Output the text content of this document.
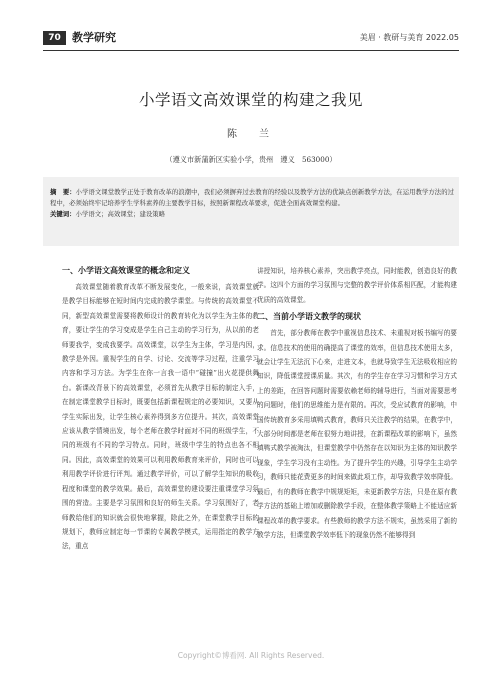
70	教学研究	美眉 · 教研与美育 2022.05
小学语文高效课堂的构建之我见
陈　兰
（遵义市新蒲新区实验小学，贵州　遵义　563000）
摘　要：小学语文课堂教学正处于教育改革的浪潮中，我们必须摒弃过去教育的经验以及教学方法的优缺点创新教学方法，在运用教学方法的过程中，必须始终牢记培养学生学科素养的主要教学目标，按照新课程改革要求，促进全面高效课堂构建。
关键词：小学语文；高效课堂；建设策略
一、小学语文高效课堂的概念和定义

高效课堂随着教育改革不断发展变化，一般来说，高效课堂就是教学目标能够在短时间内完成的教学课堂。与传统的高效课堂不同，新型高效课堂需要将教师设计的教育转化为以学生为主体的教育，要让学生的学习变成是学生自己主动的学习行为，从以前的老师要我学，变成我要学。高效课堂，以学生为主体，学习是内因，教学是外因。重视学生的自学、讨论、交流等学习过程，注重学习内容和学习方法。为学生在你一言我一语中“碰撞”出火花提供舞台。新课改背景下的高效课堂，必须首先从教学目标的制定入手，在制定课堂教学目标时，既要包括新课程规定的必要知识，又要从学生实际出发，让学生核心素养得到多方位提升。其次，高效课堂应该从教学情境出发，每个老师在教学时面对不同的班级学生，不同的班级有不同的学习特点。同时，班级中学生的特点也各不相同。因此，高效课堂的效果可以利用教师教育来评价，同时也可以利用教学评价进行评判。通过教学评价，可以了解学生知识的吸收程度和课堂的教学效果。最后，高效课堂的建设要注重课堂学习氛围的营造。主要是学习氛围和良好的师生关系。学习氛围好了，老师教给他们的知识就会很快地掌握，除此之外，在课堂教学目标的规划下，教师应制定每一节课的专属教学模式，运用指定的教学方法，重点

讲授知识，培养核心素养，突出教学亮点，同时能教，创造良好的教学。这四个方面的学习氛围与完整的教学评价体系相匹配，才能构建优质的高效课堂。

二、当前小学语文教学的现状

首先，部分教师在教学中重视信息技术、未重视对板书编写的要求。信息技术的使用的确提高了课堂的效率，但信息技术使用太多，就会让学生无法沉下心来，走进文本，也就导致学生无法吸收相应的知识，降低课堂授课质量。其次，有的学生存在学习习惯和学习方式上的差距，在回答问题时需要依赖老师的辅导进行，当面对需要思考的问题时，他们的思维能力是有限的。再次，受应试教育的影响，中国传统教育多采用填鸭式教育，教师只关注教学的结果，在教学中，大部分时间都是老师在很努力地讲授，在新课程改革的影响下，虽然填鸭式教学被淘汰，但课堂教学中仍然存在以知识为主体的知识教学现象，学生学习没有主动性。为了提升学生的兴趣，引导学生主动学习，教师只能花费更多的时间来做此项工作，却导致教学效率降低。最后，有的教师在教学中规规矩矩，未更新教学方法，只是在原有教学方法的基础上增加或删除教学手段，在整体教学策略上不能适应新课程改革的教学要求。有些教师的教学方法不规实，虽然采用了新的教学方法，但课堂教学效率低下的现象仍然不能够得到

Copyright©博看网. All Rights Reserved.
